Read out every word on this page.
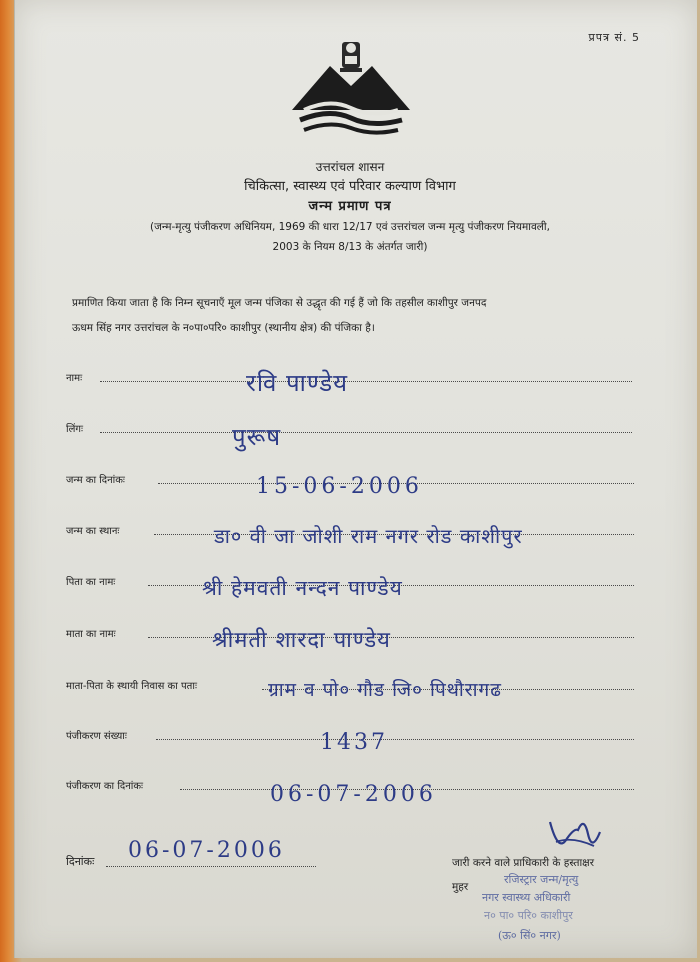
प्रपत्र सं. 5
उत्तरांचल शासन
चिकित्सा, स्वास्थ्य एवं परिवार कल्याण विभाग
जन्म प्रमाण पत्र
(जन्म-मृत्यु पंजीकरण अधिनियम, 1969 की धारा 12/17 एवं उत्तरांचल जन्म मृत्यु पंजीकरण नियमावली,
2003 के नियम 8/13 के अंतर्गत जारी)
प्रमाणित किया जाता है कि निम्न सूचनाएँ मूल जन्म पंजिका से उद्धृत की गई हैं जो कि तहसील काशीपुर जनपद
ऊधम सिंह नगर उत्तरांचल के न०पा०परि० काशीपुर (स्थानीय क्षेत्र) की पंजिका है।
नामः	रवि पाण्डेय
लिंगः	पुरूष
जन्म का दिनांकः	15-06-2006
जन्म का स्थानः	डा० वी जा जोशी राम नगर रोड काशीपुर
पिता का नामः	श्री हेमवती नन्दन पाण्डेय
माता का नामः	श्रीमती शारदा पाण्डेय
माता-पिता के स्थायी निवास का पताः	ग्राम व पो० गौड जि० पिथौरागढ
पंजीकरण संख्याः	1437
पंजीकरण का दिनांकः	06-07-2006
दिनांकः 06-07-2006	जारी करने वाले प्राधिकारी के हस्ताक्षर
मुहर
रजिस्ट्रार जन्म/मृत्यु
नगर स्वास्थ्य अधिकारी
न० पा० परि० काशीपुर
(ऊ० सिं० नगर)
